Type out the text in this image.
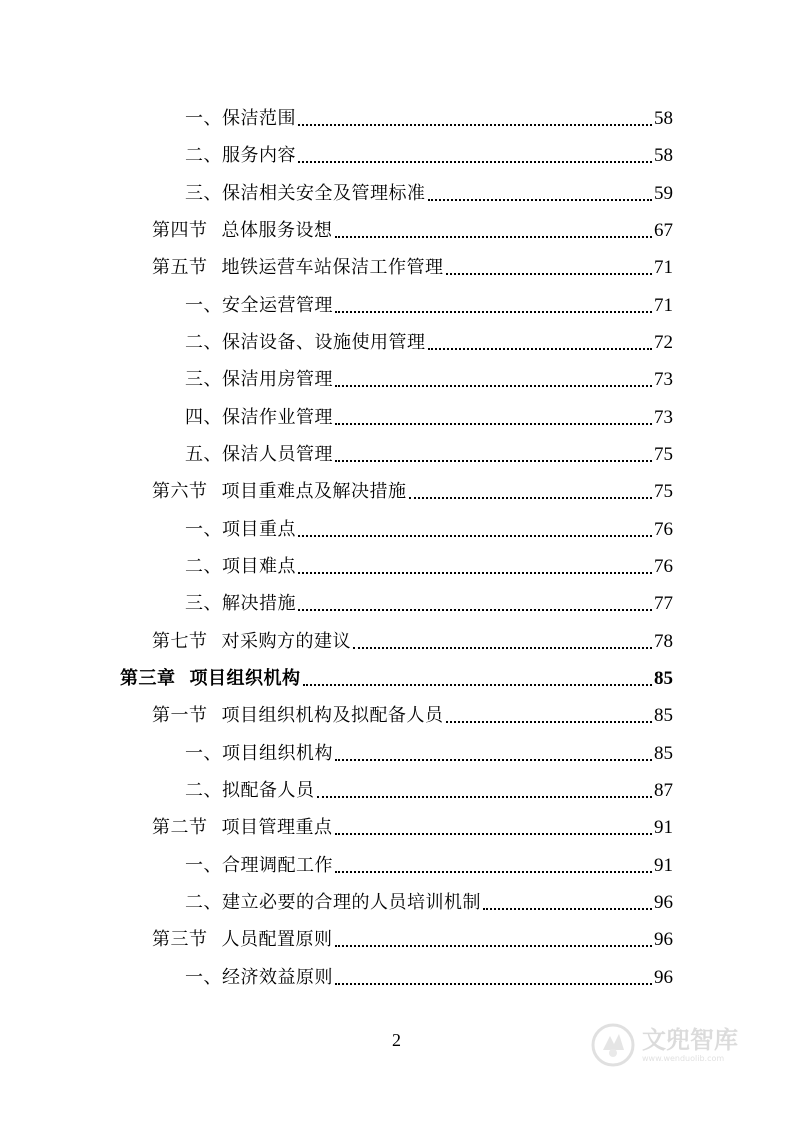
一、保洁范围	58
二、服务内容	58
三、保洁相关安全及管理标准	59
第四节 总体服务设想	67
第五节 地铁运营车站保洁工作管理	71
一、安全运营管理	71
二、保洁设备、设施使用管理	72
三、保洁用房管理	73
四、保洁作业管理	73
五、保洁人员管理	75
第六节 项目重难点及解决措施	75
一、项目重点	76
二、项目难点	76
三、解决措施	77
第七节 对采购方的建议	78
第三章 项目组织机构	85
第一节 项目组织机构及拟配备人员	85
一、项目组织机构	85
二、拟配备人员	87
第二节 项目管理重点	91
一、合理调配工作	91
二、建立必要的合理的人员培训机制	96
第三节 人员配置原则	96
一、经济效益原则	96
2	文兜智库
www.wenduolib.com
